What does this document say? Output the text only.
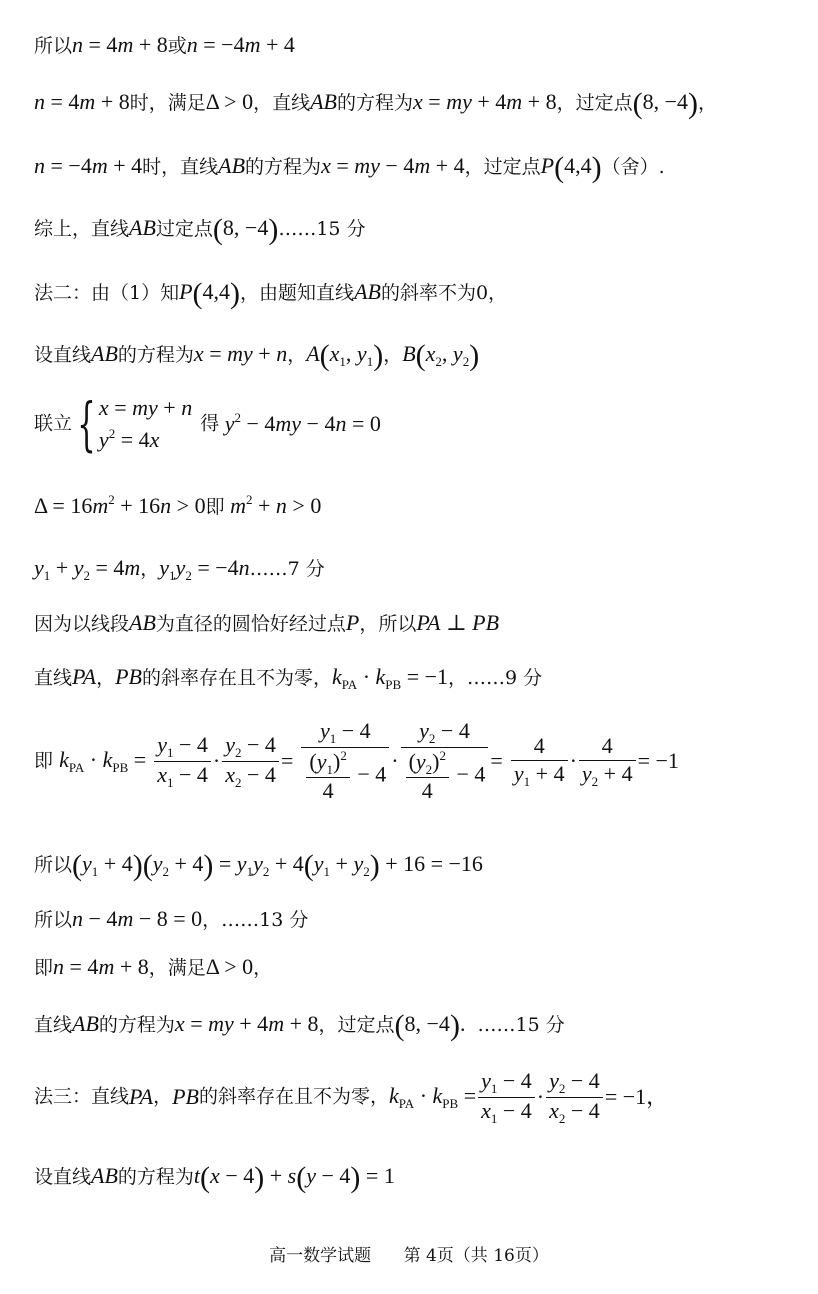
所以n = 4m + 8或n = −4m + 4
n = 4m + 8时，满足Δ > 0，直线AB的方程为x = my + 4m + 8，过定点(8, −4)，
n = −4m + 4时，直线AB的方程为x = my − 4m + 4，过定点P(4,4)（舍）.
综上，直线AB过定点(8, −4)……15 分
法二：由（1）知P(4,4)，由题知直线AB的斜率不为0，
设直线AB的方程为x = my + n，$A(x_1$, $y_1$)，$B(x_2$, $y_2$)
联立{ x = my + n
$y^2 = 4x$得 $y^2 - 4my - 4n = 0$
$\Delta = 16m^2 + 16n > 0$即 $m^2 + n > 0$
$y_1 + y_2 = 4m$，$y_1y_2$ = −4n……7 分
因为以线段AB为直径的圆恰好经过点P，所以PA ⊥ PB
直线PA，PB的斜率存在且不为零，$k_{PA} \cdot k_{PB} = -1$，……9 分
即 $k_{PA} \cdot k_{PB} = \frac{y_1 - 4}{x_1 - 4} \cdot \frac{y_2 - 4}{x_2 - 4} = \frac{y_1 - 4}{\frac{(y_1)^2}{4} - 4} \cdot \frac{y_2 - 4}{\frac{(y_2)^2}{4} - 4} = \frac{4}{y_1 + 4} \cdot \frac{4}{y_2 + 4} = -1$
所以$(y_1 + 4)(y_2 + 4) = y_1y_2 + 4(y_1 + y_2) + 16 = -16$
所以n − 4m − 8 = 0，……13 分
即n = 4m + 8，满足Δ > 0，
直线AB的方程为x = my + 4m + 8，过定点(8, −4). ……15 分
法三：直线PA，PB的斜率存在且不为零，$k_{PA} \cdot k_{PB} = \frac{y_1 - 4}{x_1 - 4} \cdot \frac{y_2 - 4}{x_2 - 4} = -1$，
设直线AB的方程为t(x − 4) + s(y − 4) = 1
高一数学试题 第 4页（共 16页）
